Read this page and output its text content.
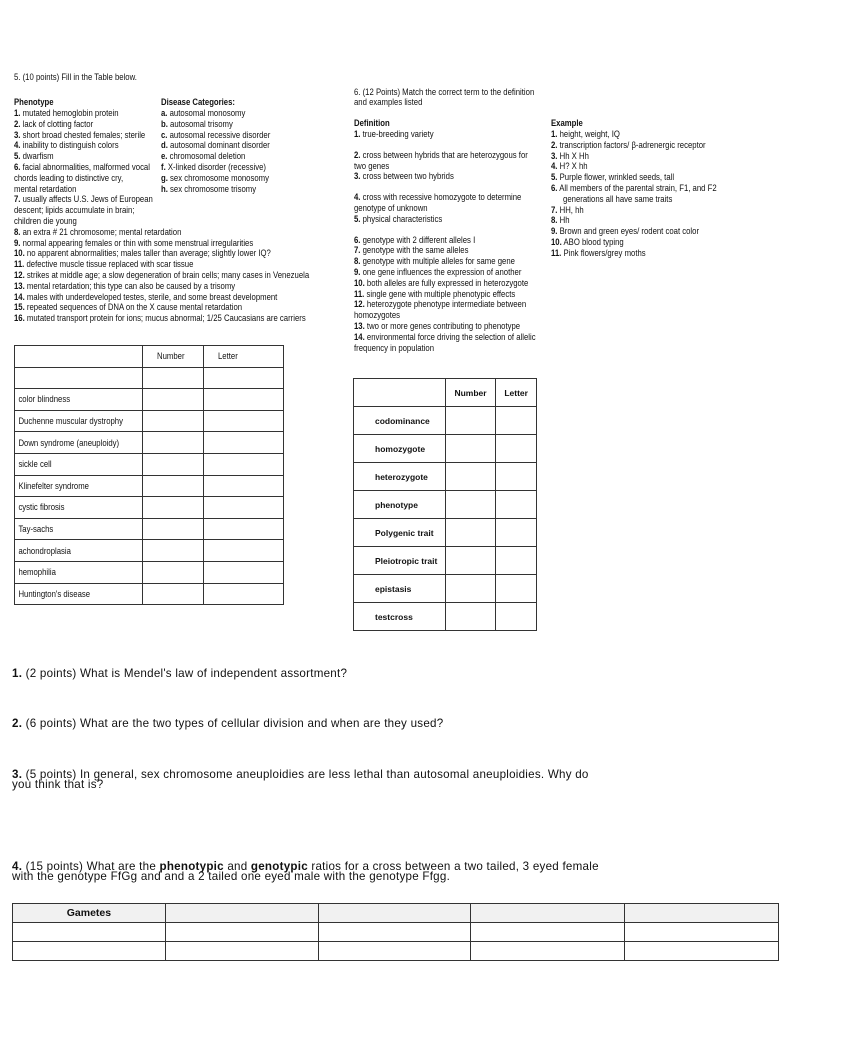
5. (10 points) Fill in the Table below.
Phenotype	Disease Categories:
1. mutated hemoglobin protein
2. lack of clotting factor
3. short broad chested females; sterile
4. inability to distinguish colors
5. dwarfism
6. facial abnormalities, malformed vocal
chords leading to distinctive cry,
mental retardation
7. usually affects U.S. Jews of European
descent; lipids accumulate in brain;
children die young
8. an extra # 21 chromosome; mental retardation
9. normal appearing females or thin with some menstrual irregularities
10. no apparent abnormalities; males taller than average; slightly lower IQ?
11. defective muscle tissue replaced with scar tissue
12. strikes at middle age; a slow degeneration of brain cells; many cases in Venezuela
13. mental retardation; this type can also be caused by a trisomy
14. males with underdeveloped testes, sterile, and some breast development
15. repeated sequences of DNA on the X cause mental retardation
16. mutated transport protein for ions; mucus abnormal; 1/25 Caucasians are carriers
a. autosomal monosomy
b. autosomal trisomy
c. autosomal recessive disorder
d. autosomal dominant disorder
e. chromosomal deletion
f. X-linked disorder (recessive)
g. sex chromosome monosomy
h. sex chromosome trisomy
	Number	Letter

color blindness		
Duchenne muscular dystrophy		
Down syndrome (aneuploidy)		
sickle cell		
Klinefelter syndrome		
cystic fibrosis		
Tay-sachs		
achondroplasia		
hemophilia		
Huntington's disease		
6. (12 Points) Match the correct term to the definition
and examples listed
Definition
1. true-breeding variety
2. cross between hybrids that are heterozygous for
two genes
3. cross between two hybrids
4. cross with recessive homozygote to determine
genotype of unknown
5. physical characteristics
6. genotype with 2 different alleles I
7. genotype with the same alleles
8. genotype with multiple alleles for same gene
9. one gene influences the expression of another
10. both alleles are fully expressed in heterozygote
11. single gene with multiple phenotypic effects
12. heterozygote phenotype intermediate between
homozygotes
13. two or more genes contributing to phenotype
14. environmental force driving the selection of allelic
frequency in population
Example
1. height, weight, IQ
2. transcription factors/ β-adrenergic receptor
3. Hh X Hh
4. H? X hh
5. Purple flower, wrinkled seeds, tall
6. All members of the parental strain, F1, and F2
generations all have same traits
7. HH, hh
8. Hh
9. Brown and green eyes/ rodent coat color
10. ABO blood typing
11. Pink flowers/grey moths
	Number	Letter
codominance		
homozygote		
heterozygote		
phenotype		
Polygenic trait		
Pleiotropic trait		
epistasis		
testcross		
1. (2 points) What is Mendel's law of independent assortment?
2. (6 points) What are the two types of cellular division and when are they used?
3. (5 points) In general, sex chromosome aneuploidies are less lethal than autosomal aneuploidies. Why do
you think that is?
4. (15 points) What are the phenotypic and genotypic ratios for a cross between a two tailed, 3 eyed female
with the genotype FfGg and and a 2 tailed one eyed male with the genotype Ffgg.
Gametes				
